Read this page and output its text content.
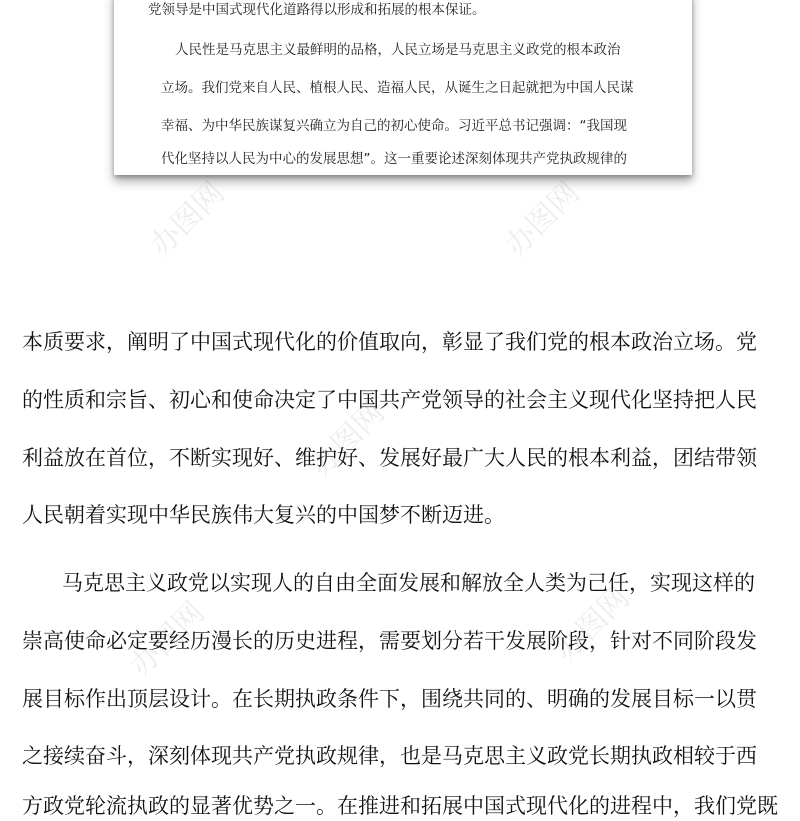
办图网	办图网
办图网
办图网	办图网
党领导是中国式现代化道路得以形成和拓展的根本保证。
人民性是马克思主义最鲜明的品格，人民立场是马克思主义政党的根本政治
立场。我们党来自人民、植根人民、造福人民，从诞生之日起就把为中国人民谋
幸福、为中华民族谋复兴确立为自己的初心使命。习近平总书记强调：“我国现
代化坚持以人民为中心的发展思想”。这一重要论述深刻体现共产党执政规律的
本质要求，阐明了中国式现代化的价值取向，彰显了我们党的根本政治立场。党
的性质和宗旨、初心和使命决定了中国共产党领导的社会主义现代化坚持把人民
利益放在首位，不断实现好、维护好、发展好最广大人民的根本利益，团结带领
人民朝着实现中华民族伟大复兴的中国梦不断迈进。
马克思主义政党以实现人的自由全面发展和解放全人类为己任，实现这样的
崇高使命必定要经历漫长的历史进程，需要划分若干发展阶段，针对不同阶段发
展目标作出顶层设计。在长期执政条件下，围绕共同的、明确的发展目标一以贯
之接续奋斗，深刻体现共产党执政规律，也是马克思主义政党长期执政相较于西
方政党轮流执政的显著优势之一。在推进和拓展中国式现代化的进程中，我们党既
